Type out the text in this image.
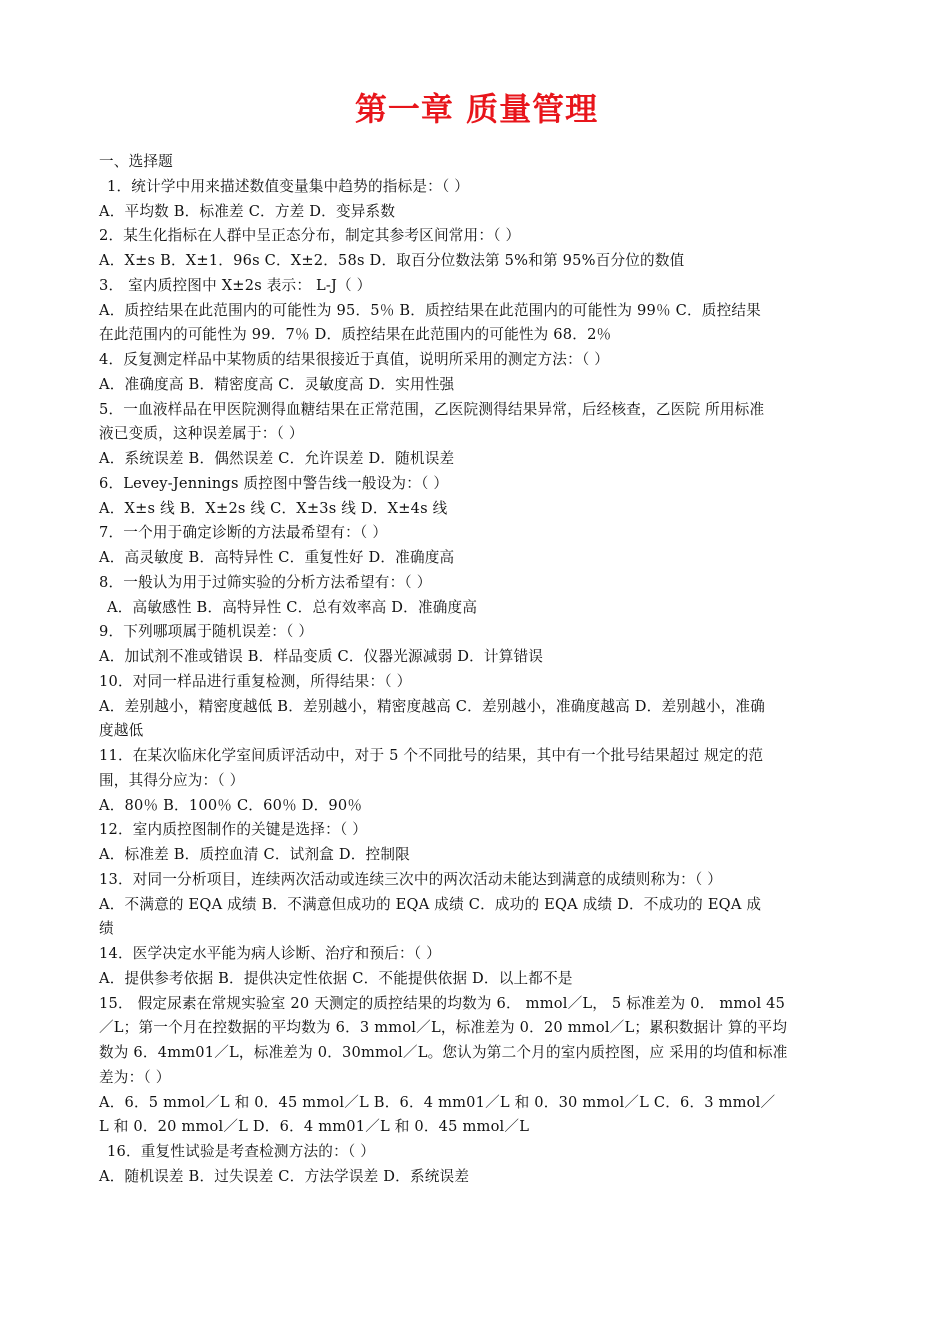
第一章 质量管理
一、选择题
1．统计学中用来描述数值变量集中趋势的指标是：（ ）
A．平均数 B．标准差 C．方差 D．变异系数
2．某生化指标在人群中呈正态分布，制定其参考区间常用：（ ）
A．X±s B．X±1．96s C．X±2．58s D．取百分位数法第 5%和第 95%百分位的数值
3． 室内质控图中 X±2s 表示： L-J（ ）
A．质控结果在此范围内的可能性为 95．5％ B．质控结果在此范围内的可能性为 99％ C．质控结果
在此范围内的可能性为 99．7％ D．质控结果在此范围内的可能性为 68．2％
4．反复测定样品中某物质的结果很接近于真值，说明所采用的测定方法：（ ）
A．准确度高 B．精密度高 C．灵敏度高 D．实用性强
5．一血液样品在甲医院测得血糖结果在正常范围，乙医院测得结果异常，后经核查，乙医院 所用标准
液已变质，这种误差属于：（ ）
A．系统误差 B．偶然误差 C．允许误差 D．随机误差
6．Levey-Jennings 质控图中警告线一般设为：（ ）
A．X±s 线 B．X±2s 线 C．X±3s 线 D．X±4s 线
7．一个用于确定诊断的方法最希望有：（ ）
A．高灵敏度 B．高特异性 C．重复性好 D．准确度高
8．一般认为用于过筛实验的分析方法希望有：（ ）
A．高敏感性 B．高特异性 C．总有效率高 D．准确度高
9．下列哪项属于随机误差：（ ）
A．加试剂不准或错误 B．样品变质 C．仪器光源减弱 D．计算错误
10．对同一样品进行重复检测，所得结果：（ ）
A．差别越小，精密度越低 B．差别越小，精密度越高 C．差别越小，准确度越高 D．差别越小，准确
度越低
11．在某次临床化学室间质评活动中，对于 5 个不同批号的结果，其中有一个批号结果超过 规定的范
围，其得分应为：（ ）
A．80％ B．100％ C．60％ D．90％
12．室内质控图制作的关键是选择：（ ）
A．标准差 B．质控血清 C．试剂盒 D．控制限
13．对同一分析项目，连续两次活动或连续三次中的两次活动未能达到满意的成绩则称为：（ ）
A．不满意的 EQA 成绩 B．不满意但成功的 EQA 成绩 C．成功的 EQA 成绩 D．不成功的 EQA 成
绩
14．医学决定水平能为病人诊断、治疗和预后：（ ）
A．提供参考依据 B．提供决定性依据 C．不能提供依据 D．以上都不是
15． 假定尿素在常规实验室 20 天测定的质控结果的均数为 6． mmol／L， 5 标准差为 0． mmol 45
／L；第一个月在控数据的平均数为 6．3 mmol／L，标准差为 0．20 mmol／L；累积数据计 算的平均
数为 6．4mm01／L，标准差为 0．30mmol／L。您认为第二个月的室内质控图，应 采用的均值和标准
差为：（ ）
A．6．5 mmol／L 和 0．45 mmol／L B．6．4 mm01／L 和 0．30 mmol／L C．6．3 mmol／
L 和 0．20 mmol／L D．6．4 mm01／L 和 0．45 mmol／L
16．重复性试验是考查检测方法的：（ ）
A．随机误差 B．过失误差 C．方法学误差 D．系统误差
